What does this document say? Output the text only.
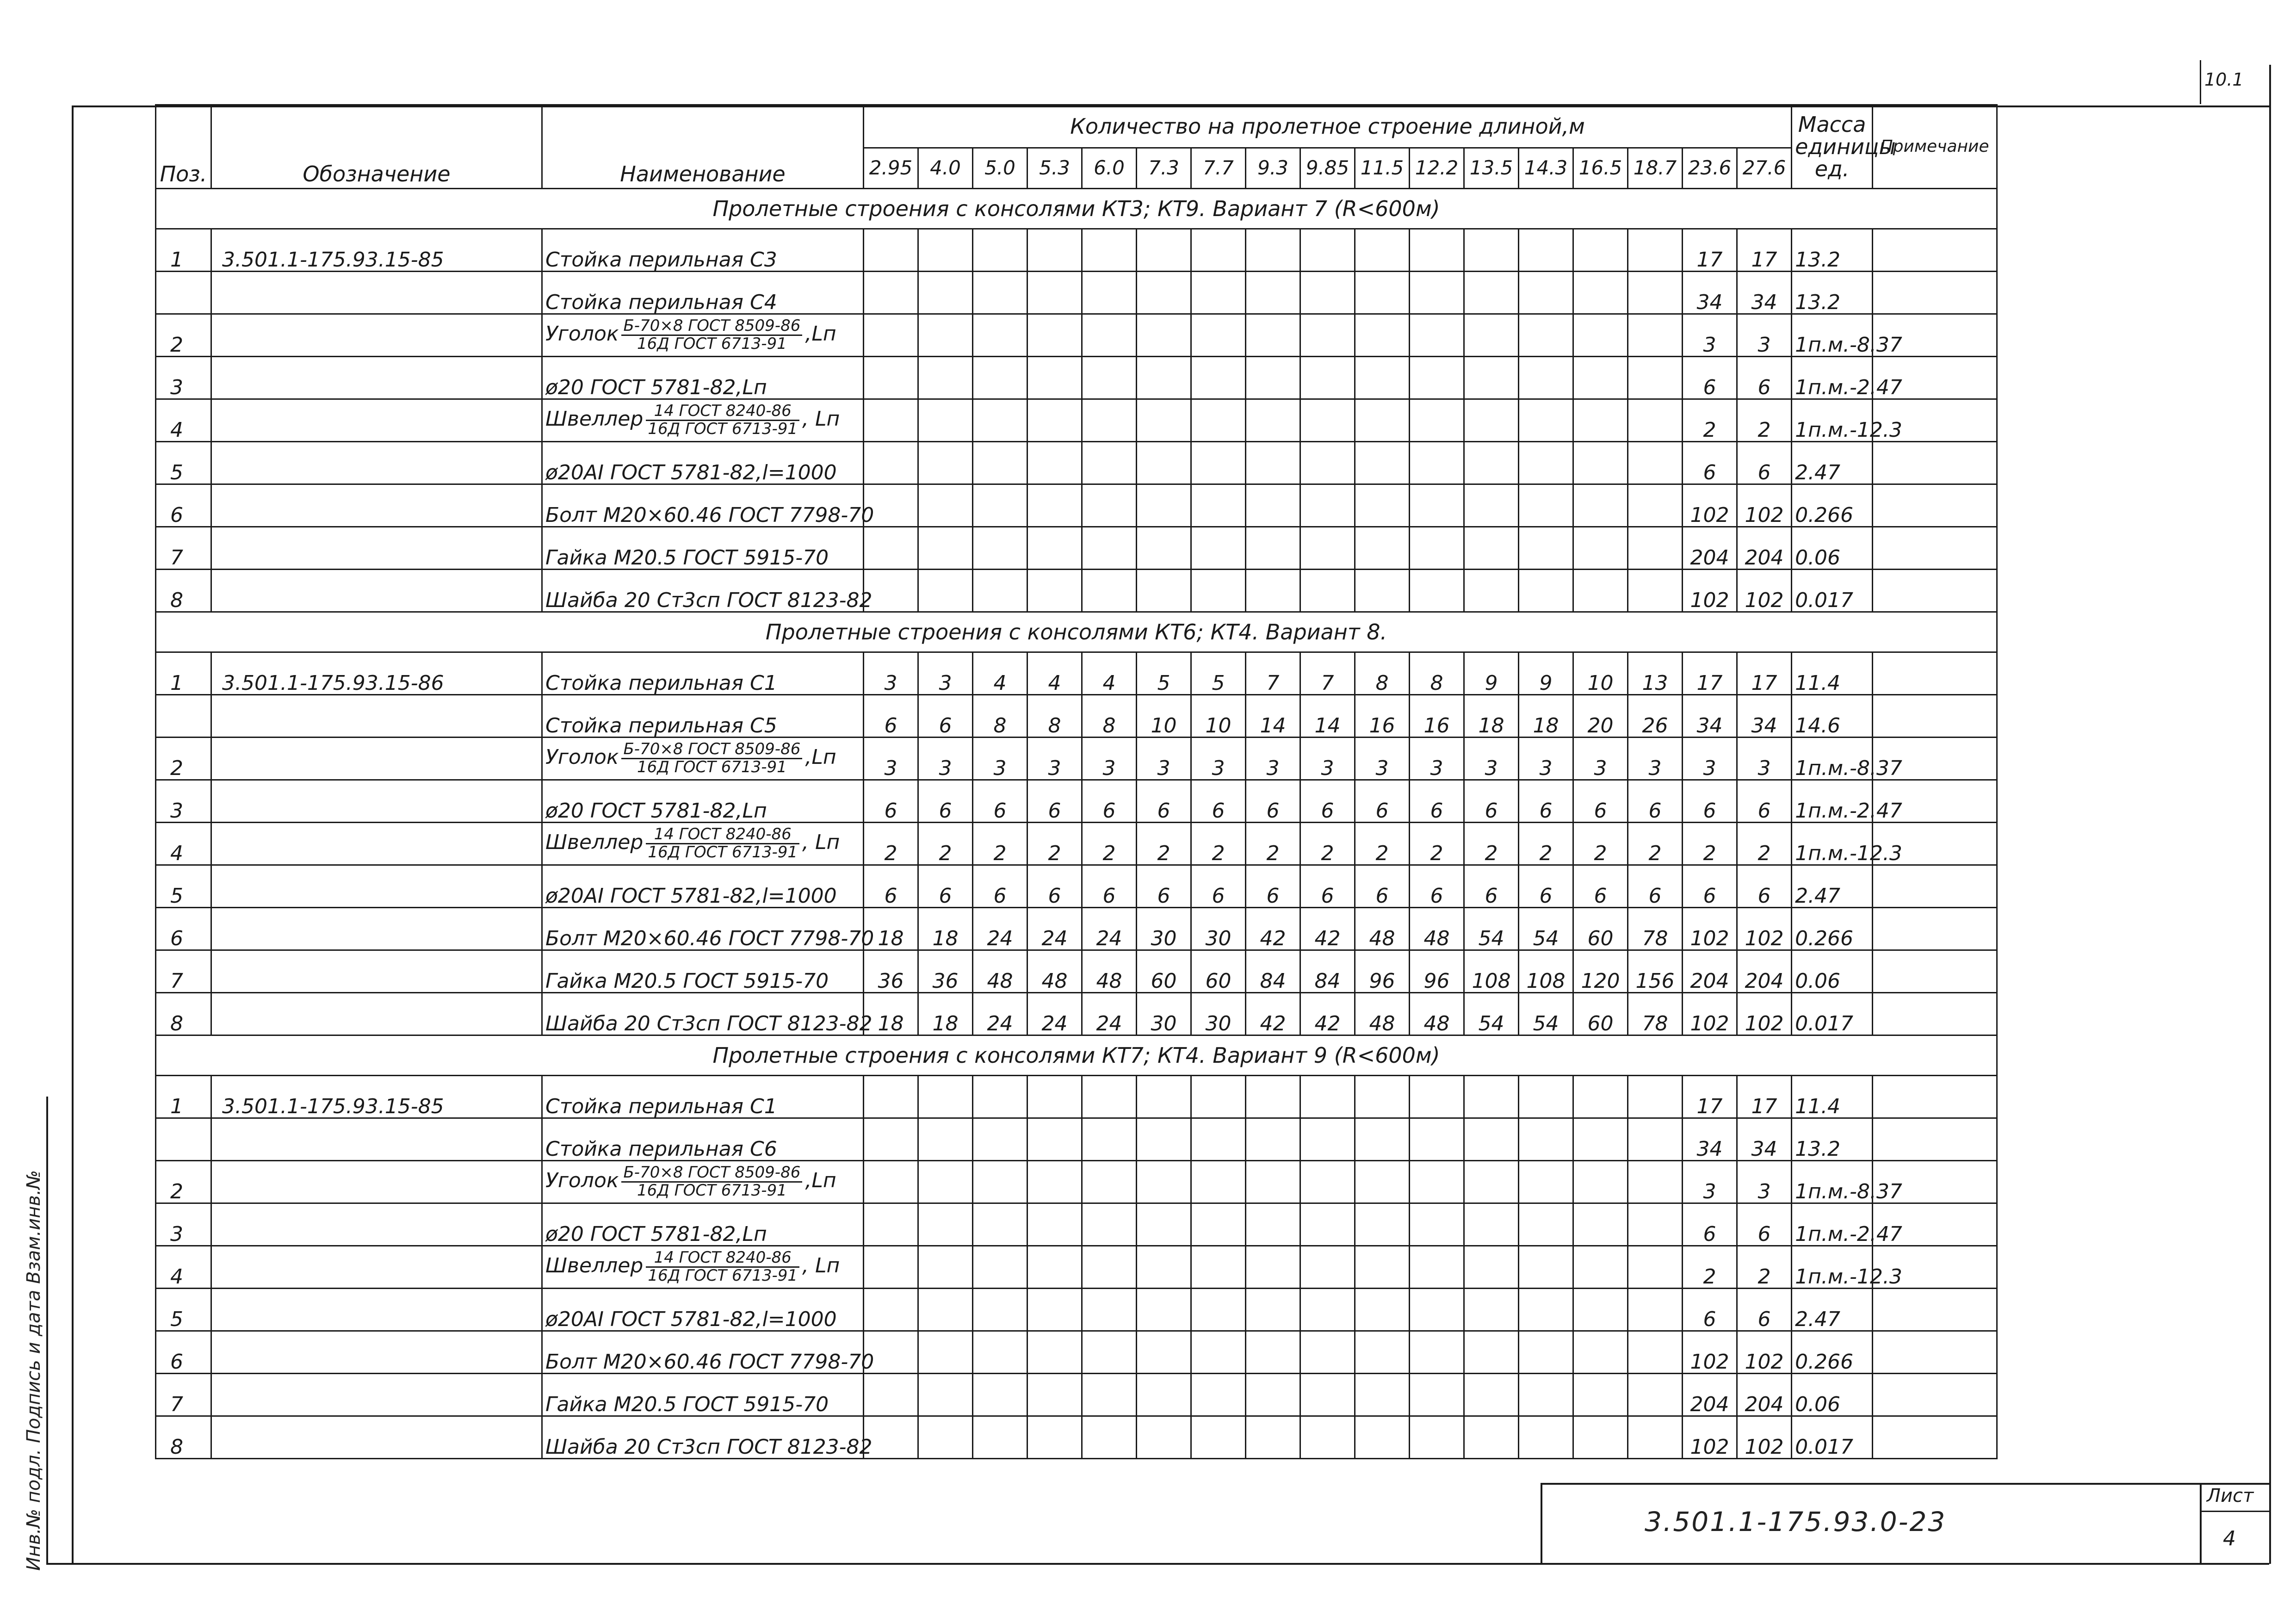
10.1
Инв.№ подл. Подпись и дата Взам.инв.№
Поз.	Обозначение	Наименование	Количество на пролетное строение длиной,м																	Масса
единицы
ед.	Примечание
			2.95	4.0	5.0	5.3	6.0	7.3	7.7	9.3	9.85	11.5	12.2	13.5	14.3	16.5	18.7	23.6	27.6		
Пролетные строения с консолями КТ3; КТ9. Вариант 7 (R<600м)																					
1	3.501.1-175.93.15-85	Стойка перильная С3																17	17	13.2	
		Стойка перильная С4																34	34	13.2	
2		Уголок $\frac{\text{Б-70×8 ГОСТ 8509-86}}{\text{16Д ГОСТ 6713-91}} ,Lп$																3	3	1п.м.-8.37	
3		ø20 ГОСТ 5781-82,Lп																6	6	1п.м.-2.47	
4		Швеллер $\frac{\text{14 ГОСТ 8240-86}}{\text{16Д ГОСТ 6713-91}}$ , Lп																2	2	1п.м.-12.3	
5		ø20AI ГОСТ 5781-82,l=1000																6	6	2.47	
6		Болт М20×60.46 ГОСТ 7798-70																102	102	0.266	
7		Гайка М20.5 ГОСТ 5915-70																204	204	0.06	
8		Шайба 20 Ст3сп ГОСТ 8123-82																102	102	0.017	
Пролетные строения с консолями КТ6; КТ4. Вариант 8.																					
1	3.501.1-175.93.15-86	Стойка перильная С1	3	3	4	4	4	5	5	7	7	8	8	9	9	10	13	17	17	11.4	
		Стойка перильная С5	6	6	8	8	8	10	10	14	14	16	16	18	18	20	26	34	34	14.6	
2		Уголок $\frac{\text{Б-70×8 ГОСТ 8509-86}}{\text{16Д ГОСТ 6713-91}} ,Lп$	3	3	3	3	3	3	3	3	3	3	3	3	3	3	3	3	3	1п.м.-8.37	
3		ø20 ГОСТ 5781-82,Lп	6	6	6	6	6	6	6	6	6	6	6	6	6	6	6	6	6	1п.м.-2.47	
4		Швеллер $\frac{\text{14 ГОСТ 8240-86}}{\text{16Д ГОСТ 6713-91}}$ , Lп	2	2	2	2	2	2	2	2	2	2	2	2	2	2	2	2	2	1п.м.-12.3	
5		ø20AI ГОСТ 5781-82,l=1000	6	6	6	6	6	6	6	6	6	6	6	6	6	6	6	6	6	2.47	
6		Болт М20×60.46 ГОСТ 7798-70	18	18	24	24	24	30	30	42	42	48	48	54	54	60	78	102	102	0.266	
7		Гайка М20.5 ГОСТ 5915-70	36	36	48	48	48	60	60	84	84	96	96	108	108	120	156	204	204	0.06	
8		Шайба 20 Ст3сп ГОСТ 8123-82	18	18	24	24	24	30	30	42	42	48	48	54	54	60	78	102	102	0.017	
Пролетные строения с консолями КТ7; КТ4. Вариант 9 (R<600м)																					
1	3.501.1-175.93.15-85	Стойка перильная С1																17	17	11.4	
		Стойка перильная С6																34	34	13.2	
2		Уголок $\frac{\text{Б-70×8 ГОСТ 8509-86}}{\text{16Д ГОСТ 6713-91}} ,Lп$																3	3	1п.м.-8.37	
3		ø20 ГОСТ 5781-82,Lп																6	6	1п.м.-2.47	
4		Швеллер $\frac{\text{14 ГОСТ 8240-86}}{\text{16Д ГОСТ 6713-91}}$ , Lп																2	2	1п.м.-12.3	
5		ø20AI ГОСТ 5781-82,l=1000																6	6	2.47	
6		Болт М20×60.46 ГОСТ 7798-70																102	102	0.266	
7		Гайка М20.5 ГОСТ 5915-70																204	204	0.06	
8		Шайба 20 Ст3сп ГОСТ 8123-82																102	102	0.017	
3.501.1-175.93.0-23
Лист
4
